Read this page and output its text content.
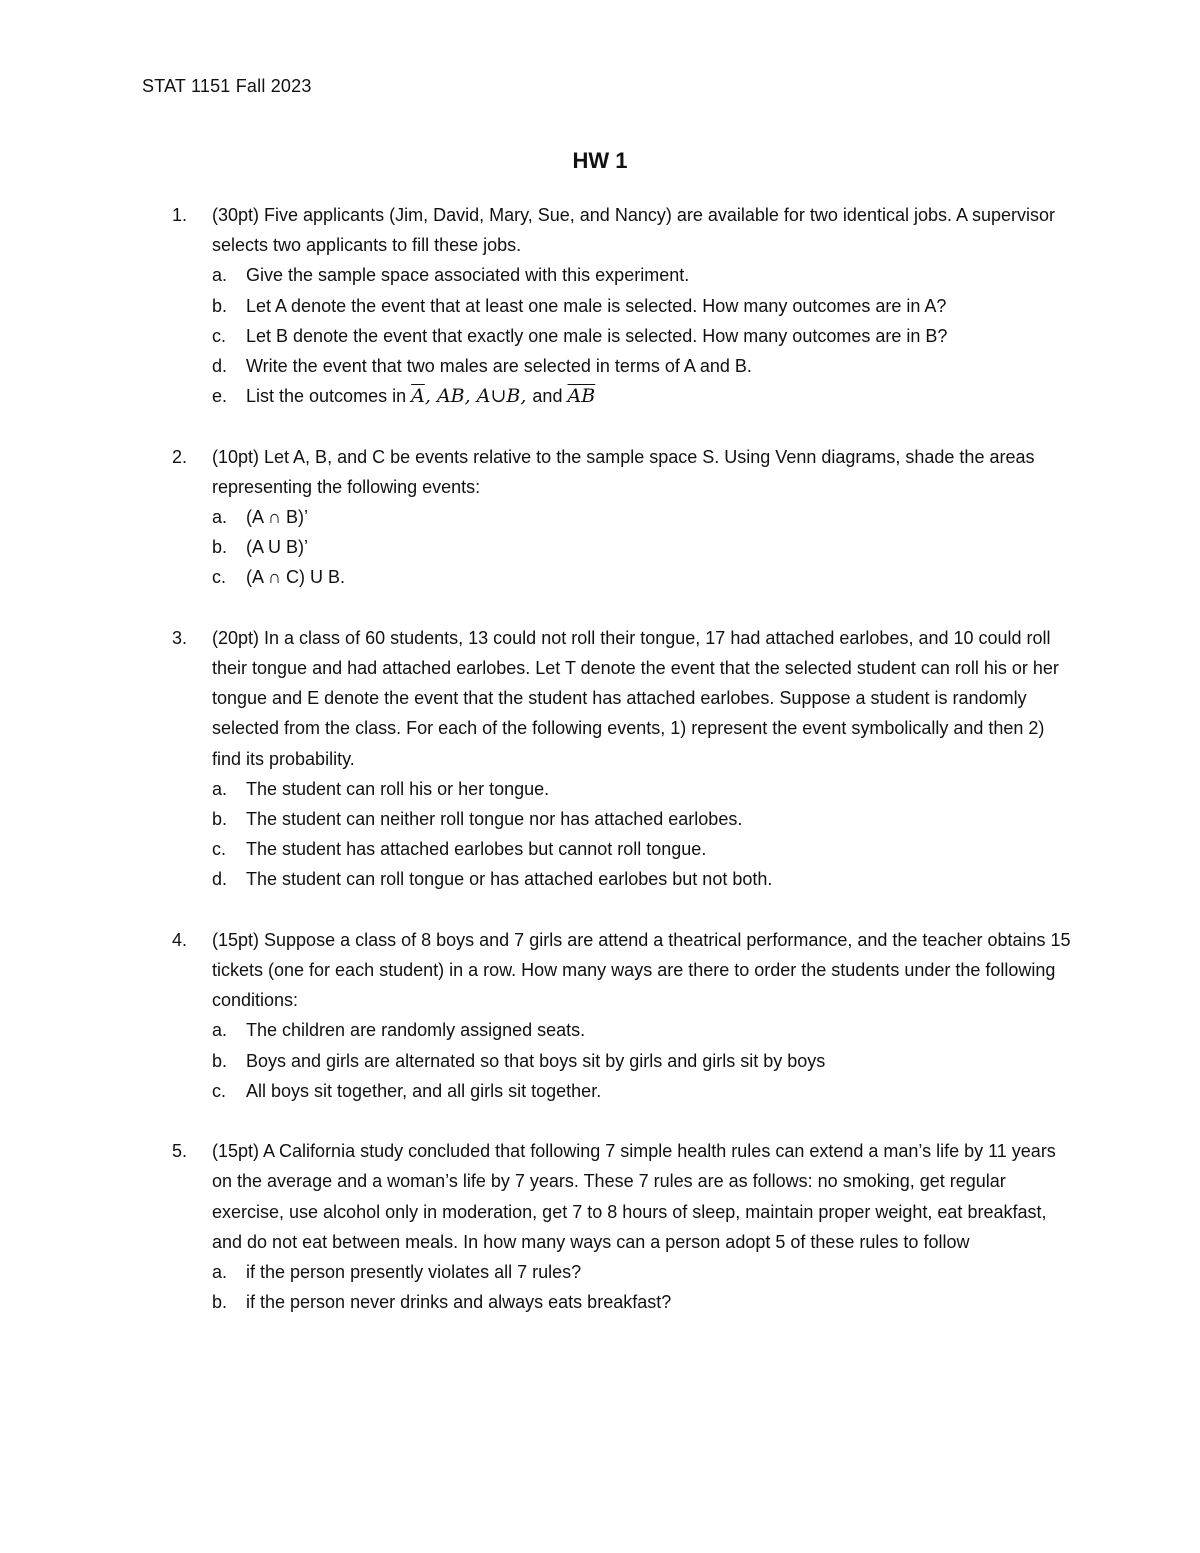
STAT 1151 Fall 2023
HW 1
1. (30pt) Five applicants (Jim, David, Mary, Sue, and Nancy) are available for two identical jobs. A supervisor selects two applicants to fill these jobs.
a. Give the sample space associated with this experiment.
b. Let A denote the event that at least one male is selected. How many outcomes are in A?
c. Let B denote the event that exactly one male is selected. How many outcomes are in B?
d. Write the event that two males are selected in terms of A and B.
e. List the outcomes in $\overline{A}$, AB, A∪B, and $\overline{AB}$
2. (10pt) Let A, B, and C be events relative to the sample space S. Using Venn diagrams, shade the areas representing the following events:
a. (A ∩ B)’
b. (A U B)’
c. (A ∩ C) U B.
3. (20pt) In a class of 60 students, 13 could not roll their tongue, 17 had attached earlobes, and 10 could roll their tongue and had attached earlobes. Let T denote the event that the selected student can roll his or her tongue and E denote the event that the student has attached earlobes. Suppose a student is randomly selected from the class. For each of the following events, 1) represent the event symbolically and then 2) find its probability.
a. The student can roll his or her tongue.
b. The student can neither roll tongue nor has attached earlobes.
c. The student has attached earlobes but cannot roll tongue.
d. The student can roll tongue or has attached earlobes but not both.
4. (15pt) Suppose a class of 8 boys and 7 girls are attend a theatrical performance, and the teacher obtains 15 tickets (one for each student) in a row. How many ways are there to order the students under the following conditions:
a. The children are randomly assigned seats.
b. Boys and girls are alternated so that boys sit by girls and girls sit by boys
c. All boys sit together, and all girls sit together.
5. (15pt) A California study concluded that following 7 simple health rules can extend a man’s life by 11 years on the average and a woman’s life by 7 years. These 7 rules are as follows: no smoking, get regular exercise, use alcohol only in moderation, get 7 to 8 hours of sleep, maintain proper weight, eat breakfast, and do not eat between meals. In how many ways can a person adopt 5 of these rules to follow
a. if the person presently violates all 7 rules?
b. if the person never drinks and always eats breakfast?
